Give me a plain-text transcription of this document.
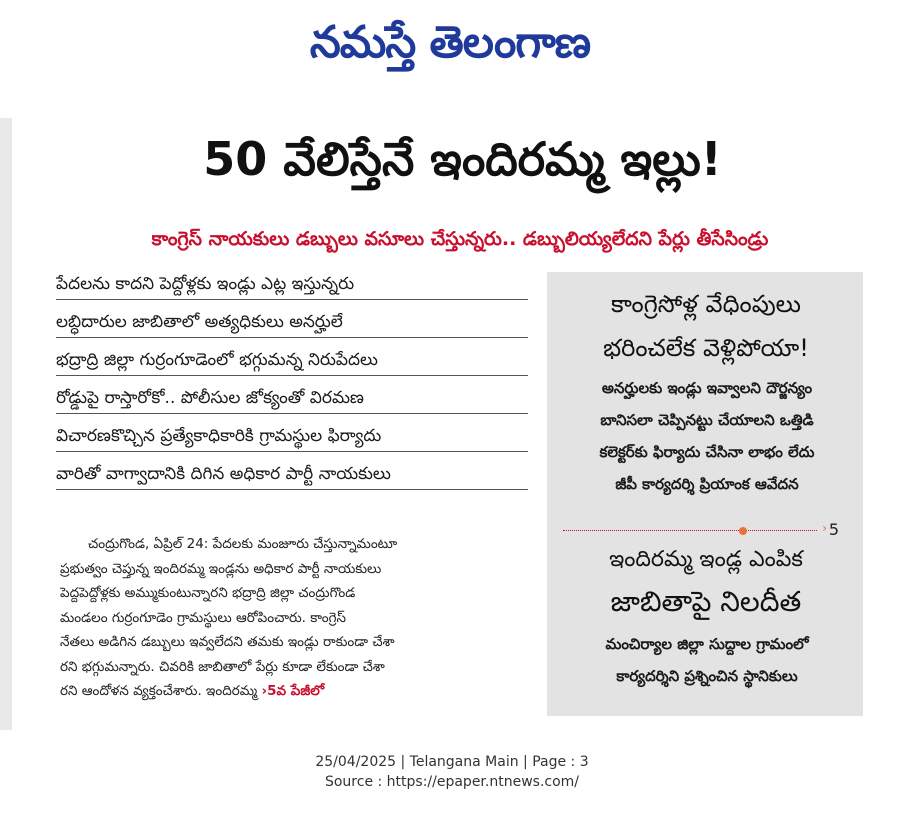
నమస్తే తెలంగాణ
50 వేలిస్తేనే ఇందిరమ్మ ఇల్లు!
కాంగ్రెస్ నాయకులు డబ్బులు వసూలు చేస్తున్నరు.. డబ్బులియ్యలేదని పేర్లు తీసేసిండ్రు
పేదలను కాదని పెద్దోళ్లకు ఇండ్లు ఎట్ల ఇస్తున్నరు
లబ్ధిదారుల జాబితాలో అత్యధికులు అనర్హులే
భద్రాద్రి జిల్లా గుర్రంగూడెంలో భగ్గుమన్న నిరుపేదలు
రోడ్డుపై రాస్తారోకో.. పోలీసుల జోక్యంతో విరమణ
విచారణకొచ్చిన ప్రత్యేకాధికారికి గ్రామస్థుల ఫిర్యాదు
వారితో వాగ్వాదానికి దిగిన అధికార పార్టీ నాయకులు

చంద్రుగొండ, ఏప్రిల్ 24: పేదలకు మంజూరు చేస్తున్నామంటూ

ప్రభుత్వం చెప్తున్న ఇందిరమ్మ ఇండ్లను అధికార పార్టీ నాయకులు

పెద్దపెద్దోళ్లకు అమ్ముకుంటున్నారని భద్రాద్రి జిల్లా చంద్రుగొండ

మండలం గుర్రంగూడెం గ్రామస్థులు ఆరోపించారు. కాంగ్రెస్

నేతలు అడిగిన డబ్బులు ఇవ్వలేదని తమకు ఇండ్లు రాకుండా చేశా

రని భగ్గుమన్నారు. చివరికి జాబితాలో పేర్లు కూడా లేకుండా చేశా

రని ఆందోళన వ్యక్తంచేశారు. ఇందిరమ్మ ›5వ పేజీలో

కాంగ్రెసోళ్ల వేధింపులు
భరించలేక వెళ్లిపోయా!
అనర్హులకు ఇండ్లు ఇవ్వాలని దౌర్జన్యం
బానిసలా చెప్పినట్టు చేయాలని ఒత్తిడి
కలెక్టర్‌కు ఫిర్యాదు చేసినా లాభం లేదు
జీపీ కార్యదర్శి ప్రియాంక ఆవేదన
› 5
ఇందిరమ్మ ఇండ్ల ఎంపిక
జాబితాపై నిలదీత
మంచిర్యాల జిల్లా సుద్దాల గ్రామంలో
కార్యదర్శిని ప్రశ్నించిన స్థానికులు
25/04/2025 | Telangana Main | Page : 3
Source : https://epaper.ntnews.com/
